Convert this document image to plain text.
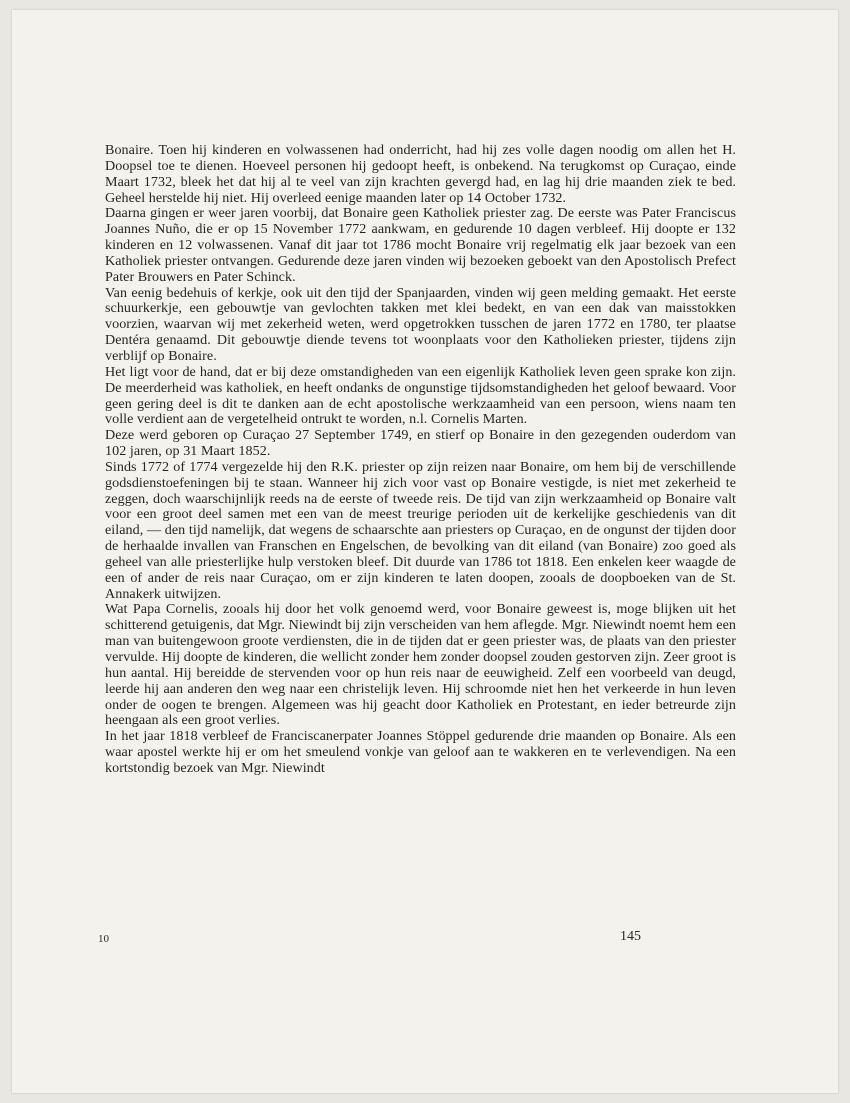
Bonaire. Toen hij kinderen en volwassenen had onderricht, had hij zes volle dagen noodig om allen het H. Doopsel toe te dienen. Hoeveel personen hij gedoopt heeft, is onbekend. Na terugkomst op Curaçao, einde Maart 1732, bleek het dat hij al te veel van zijn krachten gevergd had, en lag hij drie maanden ziek te bed. Geheel herstelde hij niet. Hij overleed eenige maanden later op 14 October 1732.

Daarna gingen er weer jaren voorbij, dat Bonaire geen Katholiek priester zag. De eerste was Pater Franciscus Joannes Nuño, die er op 15 November 1772 aankwam, en gedurende 10 dagen verbleef. Hij doopte er 132 kinderen en 12 volwassenen. Vanaf dit jaar tot 1786 mocht Bonaire vrij regelmatig elk jaar bezoek van een Katholiek priester ontvangen. Gedurende deze jaren vinden wij bezoeken geboekt van den Apostolisch Prefect Pater Brouwers en Pater Schinck.

Van eenig bedehuis of kerkje, ook uit den tijd der Spanjaarden, vinden wij geen melding gemaakt. Het eerste schuurkerkje, een gebouwtje van gevlochten takken met klei bedekt, en van een dak van maisstokken voorzien, waarvan wij met zekerheid weten, werd opgetrokken tusschen de jaren 1772 en 1780, ter plaatse Dentéra genaamd. Dit gebouwtje diende tevens tot woonplaats voor den Katholieken priester, tijdens zijn verblijf op Bonaire.

Het ligt voor de hand, dat er bij deze omstandigheden van een eigenlijk Katholiek leven geen sprake kon zijn. De meerderheid was katholiek, en heeft ondanks de ongunstige tijdsomstandigheden het geloof bewaard. Voor geen gering deel is dit te danken aan de echt apostolische werkzaamheid van een persoon, wiens naam ten volle verdient aan de vergetelheid ontrukt te worden, n.l. Cornelis Marten.

Deze werd geboren op Curaçao 27 September 1749, en stierf op Bonaire in den gezegenden ouderdom van 102 jaren, op 31 Maart 1852.

Sinds 1772 of 1774 vergezelde hij den R.K. priester op zijn reizen naar Bonaire, om hem bij de verschillende godsdienstoefeningen bij te staan. Wanneer hij zich voor vast op Bonaire vestigde, is niet met zekerheid te zeggen, doch waarschijnlijk reeds na de eerste of tweede reis. De tijd van zijn werkzaamheid op Bonaire valt voor een groot deel samen met een van de meest treurige perioden uit de kerkelijke geschiedenis van dit eiland, — den tijd namelijk, dat wegens de schaarschte aan priesters op Curaçao, en de ongunst der tijden door de herhaalde invallen van Franschen en Engelschen, de bevolking van dit eiland (van Bonaire) zoo goed als geheel van alle priesterlijke hulp verstoken bleef. Dit duurde van 1786 tot 1818. Een enkelen keer waagde de een of ander de reis naar Curaçao, om er zijn kinderen te laten doopen, zooals de doopboeken van de St. Annakerk uitwijzen.

Wat Papa Cornelis, zooals hij door het volk genoemd werd, voor Bonaire geweest is, moge blijken uit het schitterend getuigenis, dat Mgr. Niewindt bij zijn verscheiden van hem aflegde. Mgr. Niewindt noemt hem een man van buitengewoon groote verdiensten, die in de tijden dat er geen priester was, de plaats van den priester vervulde. Hij doopte de kinderen, die wellicht zonder hem zonder doopsel zouden gestorven zijn. Zeer groot is hun aantal. Hij bereidde de stervenden voor op hun reis naar de eeuwigheid. Zelf een voorbeeld van deugd, leerde hij aan anderen den weg naar een christelijk leven. Hij schroomde niet hen het verkeerde in hun leven onder de oogen te brengen. Algemeen was hij geacht door Katholiek en Protestant, en ieder betreurde zijn heengaan als een groot verlies.

In het jaar 1818 verbleef de Franciscanerpater Joannes Stöppel gedurende drie maanden op Bonaire. Als een waar apostel werkte hij er om het smeulend vonkje van geloof aan te wakkeren en te verlevendigen. Na een kortstondig bezoek van Mgr. Niewindt

10	145
